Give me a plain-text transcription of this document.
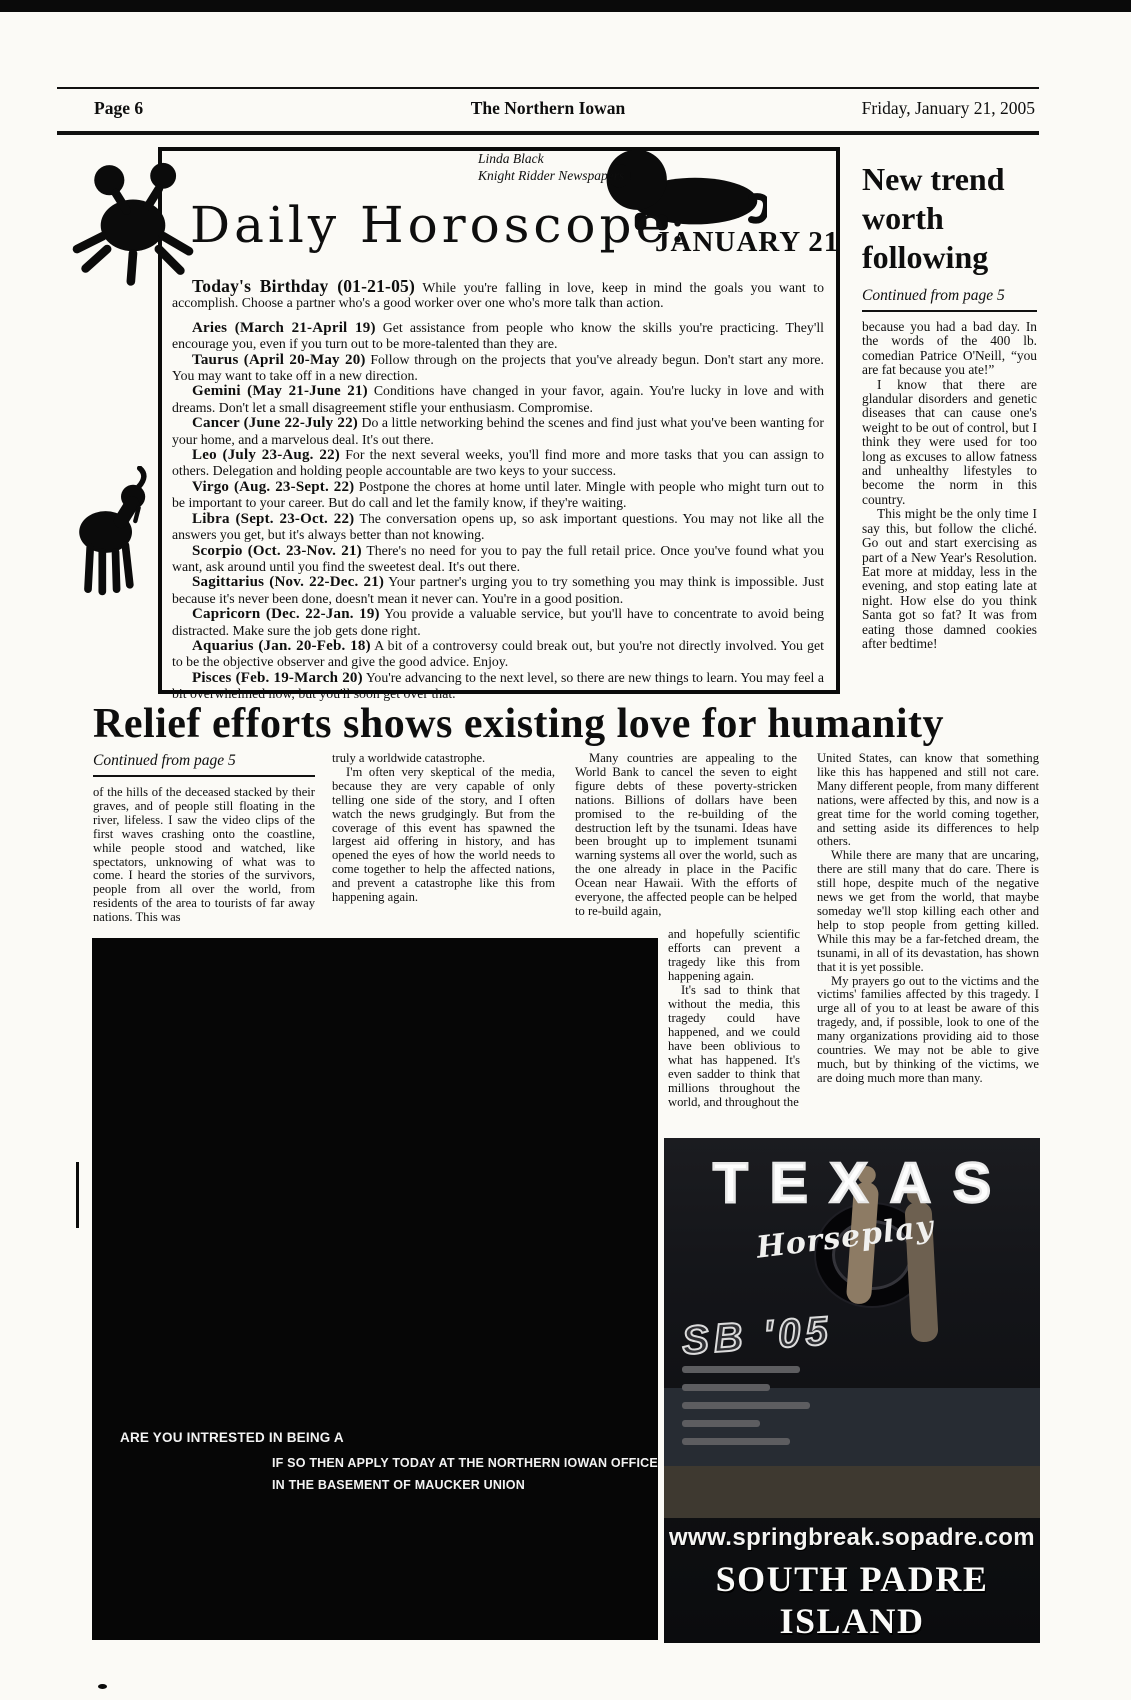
Page 6	The Northern Iowan	Friday, January 21, 2005
Linda Black
Knight Ridder Newspapers
Daily Horoscope:
JANUARY 21

Today's Birthday (01-21-05) While you're falling in love, keep in mind the goals you want to accomplish. Choose a partner who's a good worker over one who's more talk than action.

Aries (March 21-April 19) Get assistance from people who know the skills you're practicing. They'll encourage you, even if you turn out to be more-talented than they are.

Taurus (April 20-May 20) Follow through on the projects that you've already begun. Don't start any more. You may want to take off in a new direction.

Gemini (May 21-June 21) Conditions have changed in your favor, again. You're lucky in love and with dreams. Don't let a small disagreement stifle your enthusiasm. Compromise.

Cancer (June 22-July 22) Do a little networking behind the scenes and find just what you've been wanting for your home, and a marvelous deal. It's out there.

Leo (July 23-Aug. 22) For the next several weeks, you'll find more and more tasks that you can assign to others. Delegation and holding people accountable are two keys to your success.

Virgo (Aug. 23-Sept. 22) Postpone the chores at home until later. Mingle with people who might turn out to be important to your career. But do call and let the family know, if they're waiting.

Libra (Sept. 23-Oct. 22) The conversation opens up, so ask important questions. You may not like all the answers you get, but it's always better than not knowing.

Scorpio (Oct. 23-Nov. 21) There's no need for you to pay the full retail price. Once you've found what you want, ask around until you find the sweetest deal. It's out there.

Sagittarius (Nov. 22-Dec. 21) Your partner's urging you to try something you may think is impossible. Just because it's never been done, doesn't mean it never can. You're in a good position.

Capricorn (Dec. 22-Jan. 19) You provide a valuable service, but you'll have to concentrate to avoid being distracted. Make sure the job gets done right.

Aquarius (Jan. 20-Feb. 18) A bit of a controversy could break out, but you're not directly involved. You get to be the objective observer and give the good advice. Enjoy.

Pisces (Feb. 19-March 20) You're advancing to the next level, so there are new things to learn. You may feel a bit overwhelmed now, but you'll soon get over that.

New trend worth following
Continued from page 5

because you had a bad day. In the words of the 400 lb. comedian Patrice O'Neill, “you are fat because you ate!”

I know that there are glandular disorders and genetic diseases that can cause one's weight to be out of control, but I think they were used for too long as excuses to allow fatness and unhealthy lifestyles to become the norm in this country.

This might be the only time I say this, but follow the cliché. Go out and start exercising as part of a New Year's Resolution. Eat more at midday, less in the evening, and stop eating late at night. How else do you think Santa got so fat? It was from eating those damned cookies after bedtime!

Relief efforts shows existing love for humanity
Continued from page 5

of the hills of the deceased stacked by their graves, and of people still floating in the river, lifeless. I saw the video clips of the first waves crashing onto the coastline, while people stood and watched, like spectators, unknowing of what was to come. I heard the stories of the survivors, people from all over the world, from residents of the area to tourists of far away nations. This was

truly a worldwide catastrophe.

I'm often very skeptical of the media, because they are very capable of only telling one side of the story, and I often watch the news grudgingly. But from the coverage of this event has spawned the largest aid offering in history, and has opened the eyes of how the world needs to come together to help the affected nations, and prevent a catastrophe like this from happening again.

Many countries are appealing to the World Bank to cancel the seven to eight figure debts of these poverty-stricken nations. Billions of dollars have been promised to the re-building of the destruction left by the tsunami. Ideas have been brought up to implement tsunami warning systems all over the world, such as the one already in place in the Pacific Ocean near Hawaii. With the efforts of everyone, the affected people can be helped to re-build again,

and hopefully scientific efforts can prevent a tragedy like this from happening again.

It's sad to think that without the media, this tragedy could have happened, and we could have been oblivious to what has happened. It's even sadder to think that millions throughout the world, and throughout the

United States, can know that something like this has happened and still not care. Many different people, from many different nations, were affected by this, and now is a great time for the world coming together, and setting aside its differences to help others.

While there are many that are uncaring, there are still many that do care. There is still hope, despite much of the negative news we get from the world, that maybe someday we'll stop killing each other and help to stop people from getting killed. While this may be a far-fetched dream, the tsunami, in all of its devastation, has shown that it is yet possible.

My prayers go out to the victims and the victims' families affected by this tragedy. I urge all of you to at least be aware of this tragedy, and, if possible, look to one of the many organizations providing aid to those countries. We may not be able to give much, but by thinking of the victims, we are doing much more than many.

ARE YOU INTRESTED IN BEING A
IF SO THEN APPLY TODAY AT THE NORTHERN IOWAN OFFICE
IN THE BASEMENT OF MAUCKER UNION
TEXAS
Horseplay
SB '05
www.springbreak.sopadre.com
SOUTH PADRE ISLAND
